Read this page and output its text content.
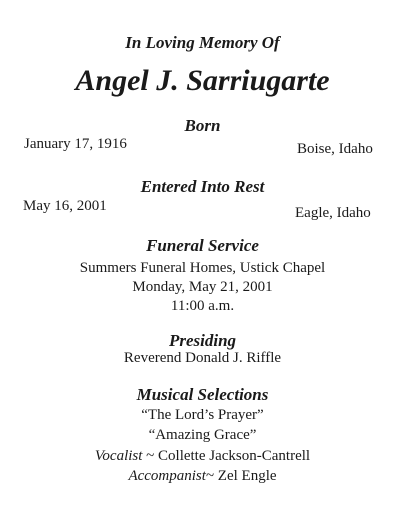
In Loving Memory Of
Angel J. Sarriugarte
Born
January 17, 1916	Boise, Idaho
Entered Into Rest
May 16, 2001	Eagle, Idaho
Funeral Service
Summers Funeral Homes, Ustick Chapel
Monday, May 21, 2001
11:00 a.m.
Presiding
Reverend Donald J. Riffle
Musical Selections
“The Lord’s Prayer”
“Amazing Grace”
Vocalist ~ Collette Jackson-Cantrell
Accompanist~ Zel Engle
